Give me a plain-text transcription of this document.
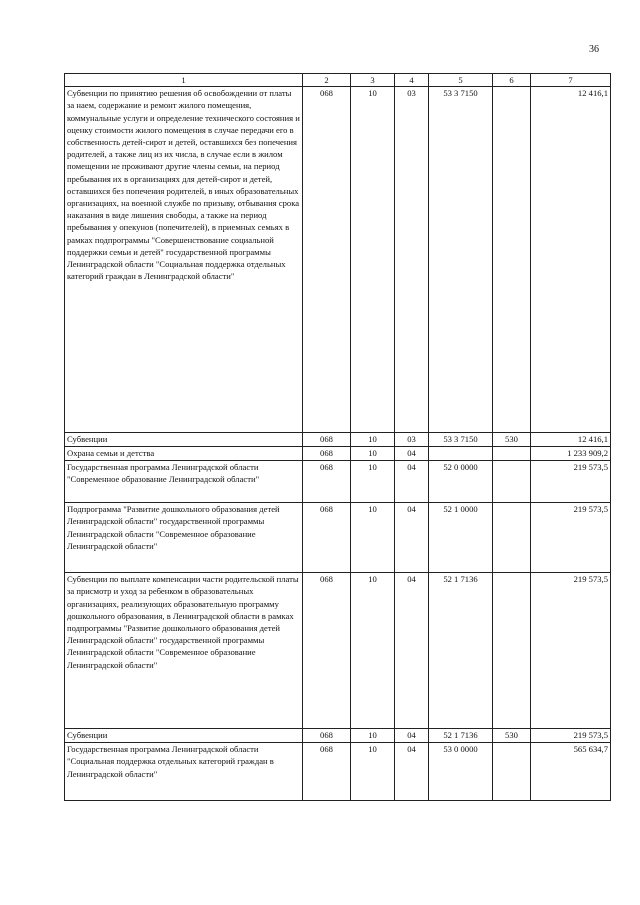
36
1	2	3	4	5	6	7
Субвенции по принятию решения об освобождении от платы за наем, содержание и ремонт жилого помещения, коммунальные услуги и определение технического состояния и оценку стоимости жилого помещения в случае передачи его в собственность детей-сирот и детей, оставшихся без попечения родителей, а также лиц из их числа, в случае если в жилом помещении не проживают другие члены семьи, на период пребывания их в организациях для детей-сирот и детей, оставшихся без попечения родителей, в иных образовательных организациях, на военной службе по призыву, отбывания срока наказания в виде лишения свободы, а также на период пребывания у опекунов (попечителей), в приемных семьях в рамках подпрограммы "Совершенствование социальной поддержки семьи и детей" государственной программы Ленинградской области "Социальная поддержка отдельных категорий граждан в Ленинградской области"	068	10	03	53 3 7150		12 416,1
Субвенции	068	10	03	53 3 7150	530	12 416,1
Охрана семьи и детства	068	10	04			1 233 909,2
Государственная программа Ленинградской области "Современное образование Ленинградской области"	068	10	04	52 0 0000		219 573,5
Подпрограмма "Развитие дошкольного образования детей Ленинградской области" государственной программы Ленинградской области "Современное образование Ленинградской области"	068	10	04	52 1 0000		219 573,5
Субвенции по выплате компенсации части родительской платы за присмотр и уход за ребенком в образовательных организациях, реализующих образовательную программу дошкольного образования, в Ленинградской области в рамках подпрограммы "Развитие дошкольного образования детей Ленинградской области" государственной программы Ленинградской области "Современное образование Ленинградской области"	068	10	04	52 1 7136		219 573,5
Субвенции	068	10	04	52 1 7136	530	219 573,5
Государственная программа Ленинградской области "Социальная поддержка отдельных категорий граждан в Ленинградской области"	068	10	04	53 0 0000		565 634,7
